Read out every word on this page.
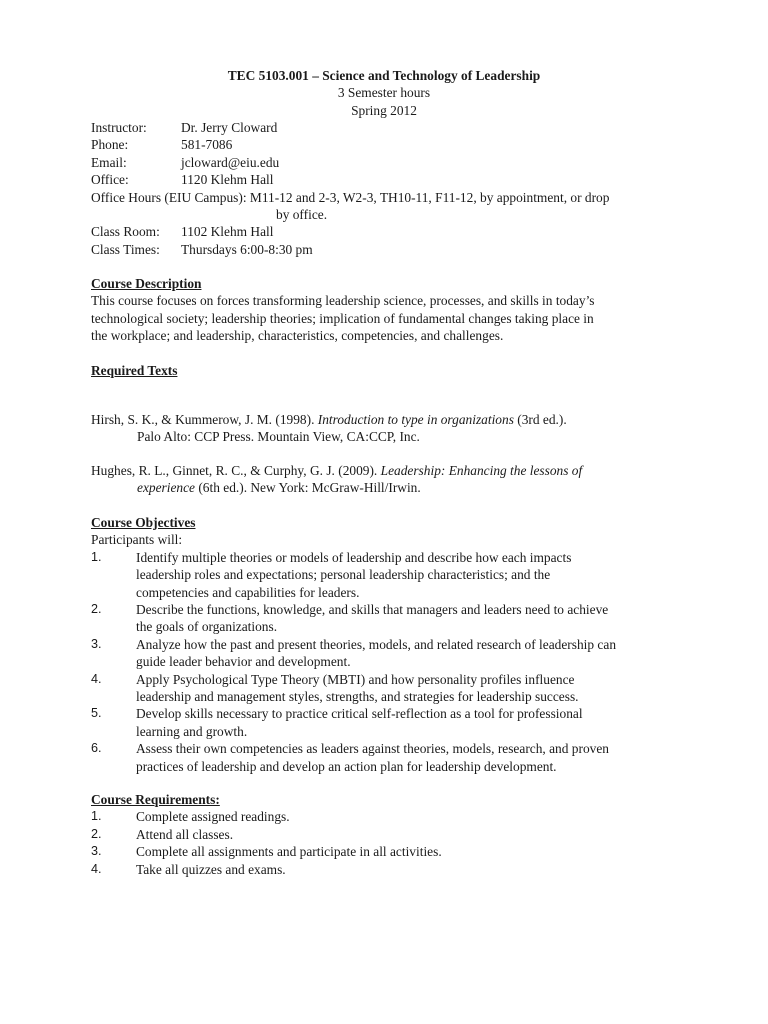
TEC 5103.001 – Science and Technology of Leadership
3 Semester hours
Spring 2012
Instructor:	Dr. Jerry Cloward
Phone:	581-7086
Email:	jcloward@eiu.edu
Office:	1120 Klehm Hall
Office Hours (EIU Campus): M11-12 and 2-3, W2-3, TH10-11, F11-12, by appointment, or drop
by office.
Class Room:	1102 Klehm Hall
Class Times:	Thursdays 6:00-8:30 pm
Course Description
This course focuses on forces transforming leadership science, processes, and skills in today’s
technological society; leadership theories; implication of fundamental changes taking place in
the workplace; and leadership, characteristics, competencies, and challenges.
Required Texts
Hirsh, S. K., & Kummerow, J. M. (1998). Introduction to type in organizations (3rd ed.).
Palo Alto: CCP Press. Mountain View, CA:CCP, Inc.
Hughes, R. L., Ginnet, R. C., & Curphy, G. J. (2009). Leadership: Enhancing the lessons of
experience (6th ed.). New York: McGraw-Hill/Irwin.
Course Objectives
Participants will:
1.	Identify multiple theories or models of leadership and describe how each impacts
leadership roles and expectations; personal leadership characteristics; and the
competencies and capabilities for leaders.
2.	Describe the functions, knowledge, and skills that managers and leaders need to achieve
the goals of organizations.
3.	Analyze how the past and present theories, models, and related research of leadership can
guide leader behavior and development.
4.	Apply Psychological Type Theory (MBTI) and how personality profiles influence
leadership and management styles, strengths, and strategies for leadership success.
5.	Develop skills necessary to practice critical self-reflection as a tool for professional
learning and growth.
6.	Assess their own competencies as leaders against theories, models, research, and proven
practices of leadership and develop an action plan for leadership development.
Course Requirements:
1.	Complete assigned readings.
2.	Attend all classes.
3.	Complete all assignments and participate in all activities.
4.	Take all quizzes and exams.
